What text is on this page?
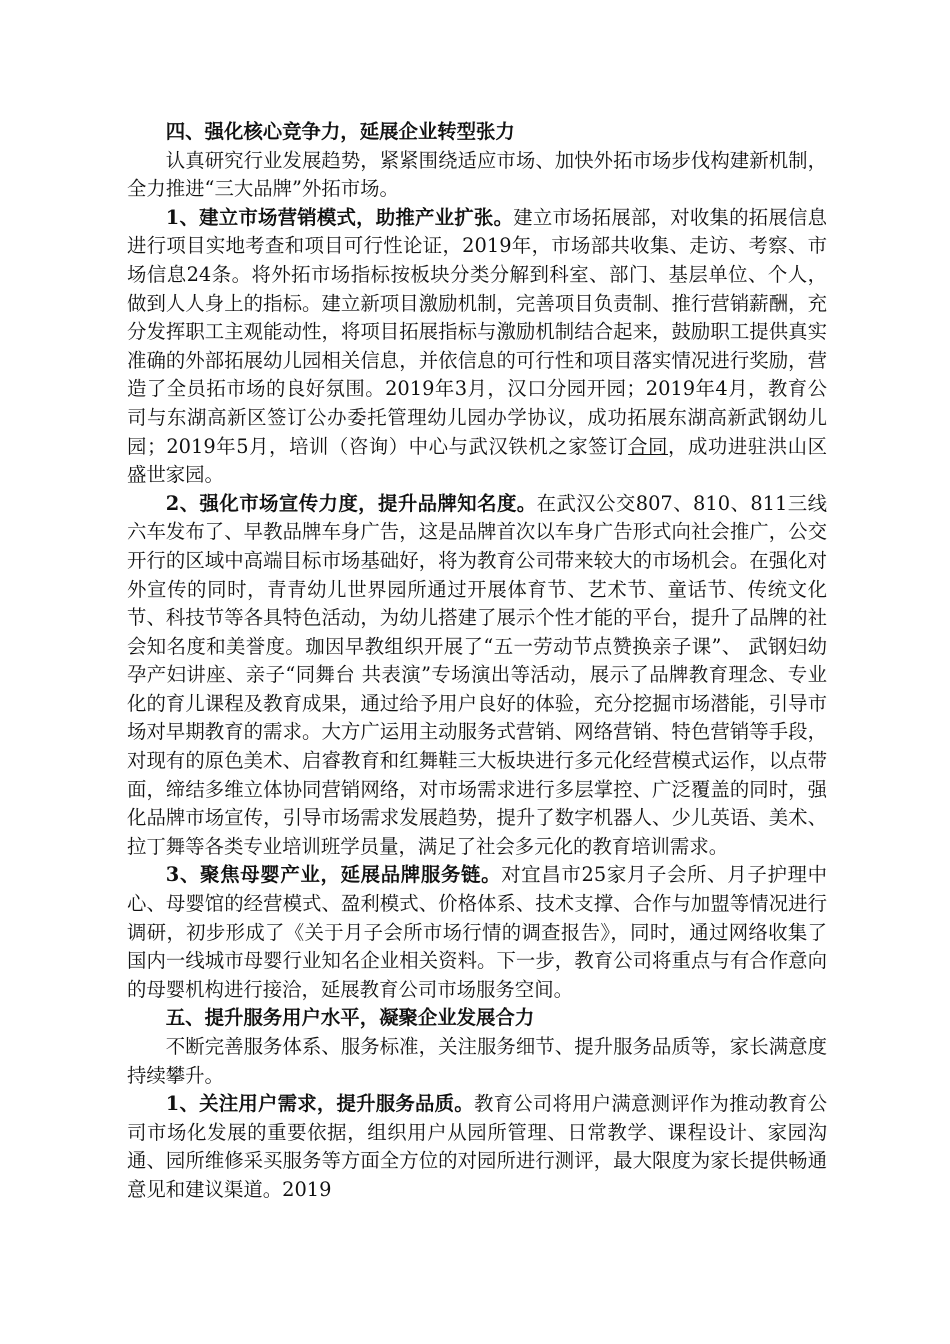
四、强化核心竞争力，延展企业转型张力

认真研究行业发展趋势，紧紧围绕适应市场、加快外拓市场步伐构建新机制，全力推进“三大品牌”外拓市场。

1、建立市场营销模式，助推产业扩张。建立市场拓展部，对收集的拓展信息进行项目实地考查和项目可行性论证，2019年，市场部共收集、走访、考察、市场信息24条。将外拓市场指标按板块分类分解到科室、部门、基层单位、个人，做到人人身上的指标。建立新项目激励机制，完善项目负责制、推行营销薪酬，充分发挥职工主观能动性，将项目拓展指标与激励机制结合起来，鼓励职工提供真实准确的外部拓展幼儿园相关信息，并依信息的可行性和项目落实情况进行奖励，营造了全员拓市场的良好氛围。2019年3月，汉口分园开园；2019年4月，教育公司与东湖高新区签订公办委托管理幼儿园办学协议，成功拓展东湖高新武钢幼儿园；2019年5月，培训（咨询）中心与武汉铁机之家签订合同，成功进驻洪山区盛世家园。

2、强化市场宣传力度，提升品牌知名度。在武汉公交807、810、811三线六车发布了、早教品牌车身广告，这是品牌首次以车身广告形式向社会推广，公交开行的区域中高端目标市场基础好，将为教育公司带来较大的市场机会。在强化对外宣传的同时，青青幼儿世界园所通过开展体育节、艺术节、童话节、传统文化节、科技节等各具特色活动，为幼儿搭建了展示个性才能的平台，提升了品牌的社会知名度和美誉度。珈因早教组织开展了“五一劳动节点赞换亲子课”、 武钢妇幼孕产妇讲座、亲子“同舞台 共表演”专场演出等活动，展示了品牌教育理念、专业化的育儿课程及教育成果，通过给予用户良好的体验，充分挖掘市场潜能，引导市场对早期教育的需求。大方广运用主动服务式营销、网络营销、特色营销等手段，对现有的原色美术、启睿教育和红舞鞋三大板块进行多元化经营模式运作，以点带面，缔结多维立体协同营销网络，对市场需求进行多层掌控、广泛覆盖的同时，强化品牌市场宣传，引导市场需求发展趋势，提升了数字机器人、少儿英语、美术、拉丁舞等各类专业培训班学员量，满足了社会多元化的教育培训需求。

3、聚焦母婴产业，延展品牌服务链。对宜昌市25家月子会所、月子护理中心、母婴馆的经营模式、盈利模式、价格体系、技术支撑、合作与加盟等情况进行调研，初步形成了《关于月子会所市场行情的调查报告》，同时，通过网络收集了国内一线城市母婴行业知名企业相关资料。下一步，教育公司将重点与有合作意向的母婴机构进行接洽，延展教育公司市场服务空间。

五、提升服务用户水平，凝聚企业发展合力

不断完善服务体系、服务标准，关注服务细节、提升服务品质等，家长满意度持续攀升。

1、关注用户需求，提升服务品质。教育公司将用户满意测评作为推动教育公司市场化发展的重要依据，组织用户从园所管理、日常教学、课程设计、家园沟通、园所维修采买服务等方面全方位的对园所进行测评，最大限度为家长提供畅通意见和建议渠道。2019
